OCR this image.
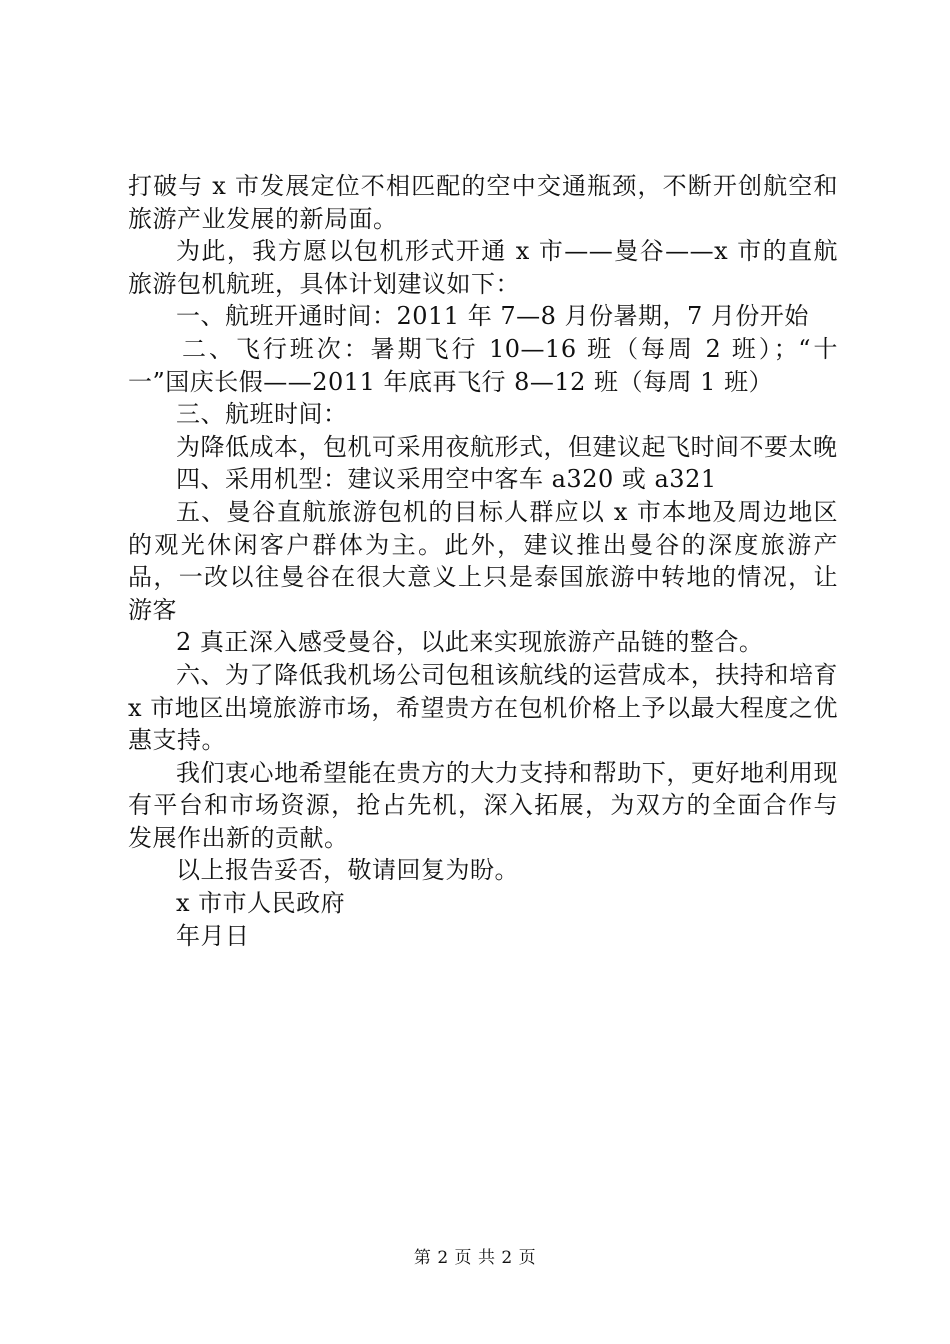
打破与 x 市发展定位不相匹配的空中交通瓶颈，不断开创航空和旅游产业发展的新局面。

为此，我方愿以包机形式开通 x 市——曼谷——x 市的直航旅游包机航班，具体计划建议如下：

一、航班开通时间：2011 年 7—8 月份暑期，7 月份开始

二、飞行班次：暑期飞行 10—16 班（每周 2 班）；“十一”国庆长假——2011 年底再飞行 8—12 班（每周 1 班）

三、航班时间：

为降低成本，包机可采用夜航形式，但建议起飞时间不要太晚

四、采用机型：建议采用空中客车 a320 或 a321

五、曼谷直航旅游包机的目标人群应以 x 市本地及周边地区的观光休闲客户群体为主。此外，建议推出曼谷的深度旅游产品，一改以往曼谷在很大意义上只是泰国旅游中转地的情况，让游客

2 真正深入感受曼谷，以此来实现旅游产品链的整合。

六、为了降低我机场公司包租该航线的运营成本，扶持和培育 x 市地区出境旅游市场，希望贵方在包机价格上予以最大程度之优惠支持。

我们衷心地希望能在贵方的大力支持和帮助下，更好地利用现有平台和市场资源，抢占先机，深入拓展，为双方的全面合作与发展作出新的贡献。

以上报告妥否，敬请回复为盼。

x 市市人民政府

年月日

第 2 页 共 2 页
